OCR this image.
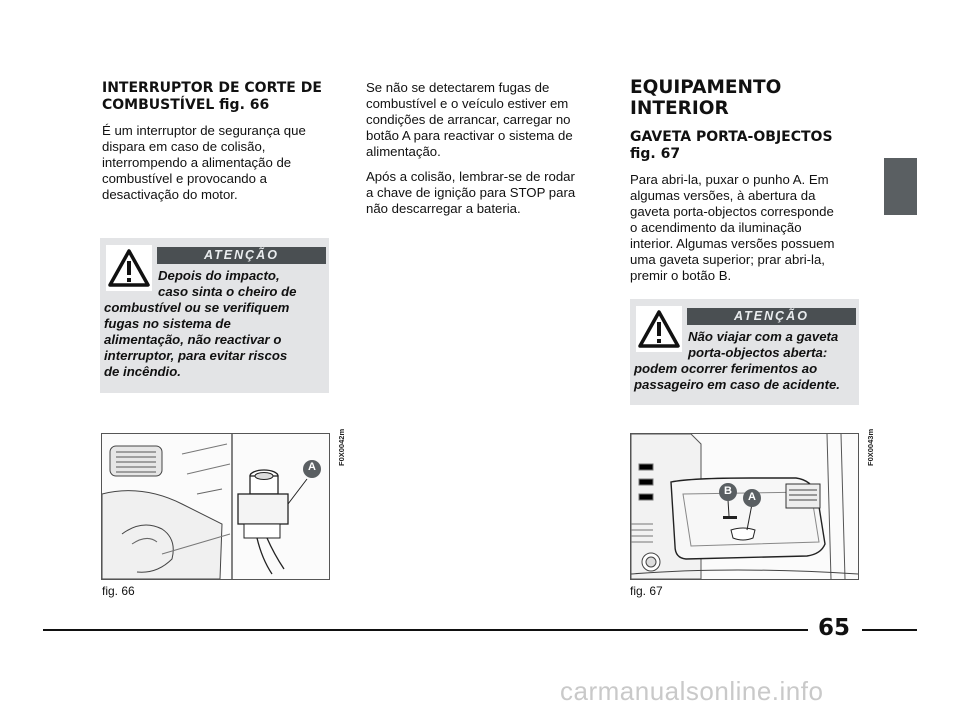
INTERRUPTOR DE CORTE DE
COMBUSTÍVEL fig. 66
É um interruptor de segurança que
dispara em caso de colisão,
interrompendo a alimentação de
combustível e provocando a
desactivação do motor.
ATENÇÃO
Depois do impacto,
caso sinta o cheiro de
combustível ou se verifiquem
fugas no sistema de
alimentação, não reactivar o
interruptor, para evitar riscos
de incêndio.
A
F0X0042m
fig. 66
Se não se detectarem fugas de
combustível e o veículo estiver em
condições de arrancar, carregar no
botão A para reactivar o sistema de
alimentação.
Após a colisão, lembrar-se de rodar
a chave de ignição para STOP para
não descarregar a bateria.
EQUIPAMENTO
INTERIOR
GAVETA PORTA-OBJECTOS
fig. 67
Para abri-la, puxar o punho A. Em
algumas versões, à abertura da
gaveta porta-objectos corresponde
o acendimento da iluminação
interior. Algumas versões possuem
uma gaveta superior; prar abri-la,
premir o botão B.
ATENÇÃO
Não viajar com a gaveta
porta-objectos aberta:
podem ocorrer ferimentos ao
passageiro em caso de acidente.
B A
F0X0043m
fig. 67
65
carmanualsonline.info
